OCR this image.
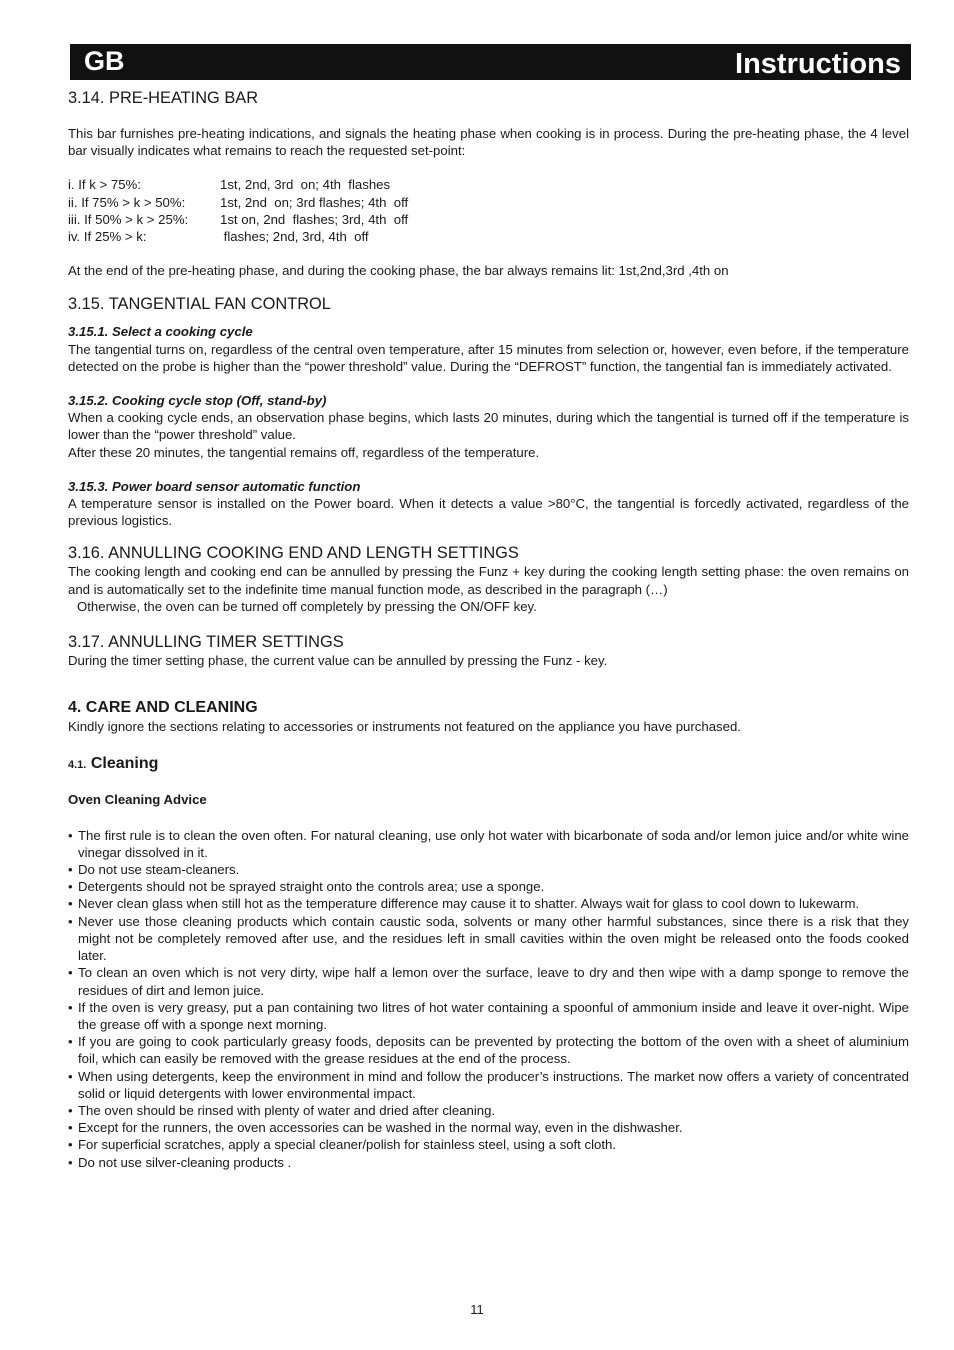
GB	Instructions
3.14. PRE-HEATING BAR

This bar furnishes pre-heating indications, and signals the heating phase when cooking is in process. During the pre-heating phase, the 4 level bar visually indicates what remains to reach the requested set-point:

i. If k > 75%:	1st, 2nd, 3rd  on; 4th  flashes
ii. If 75% > k > 50%:	1st, 2nd  on; 3rd flashes; 4th  off
iii. If 50% > k > 25%:	1st on, 2nd  flashes; 3rd, 4th  off
iv. If 25% > k:	flashes; 2nd, 3rd, 4th  off

At the end of the pre-heating phase, and during the cooking phase, the bar always remains lit: 1st,2nd,3rd ,4th on

3.15. TANGENTIAL FAN CONTROL
3.15.1. Select a cooking cycle

The tangential turns on, regardless of the central oven temperature, after 15 minutes from selection or, however, even before, if the temperature detected on the probe is higher than the “power threshold” value. During the “DEFROST” function, the tangential fan is immediately activated.

3.15.2. Cooking cycle stop (Off, stand-by)

When a cooking cycle ends, an observation phase begins, which lasts 20 minutes, during which the tangential is turned off if the temperature is lower than the “power threshold” value.

After these 20 minutes, the tangential remains off, regardless of the temperature.

3.15.3. Power board sensor automatic function

A temperature sensor is installed on the Power board. When it detects a value >80°C, the tangential is forcedly activated, regardless of the previous logistics.

3.16. ANNULLING COOKING END AND LENGTH SETTINGS

The cooking length and cooking end can be annulled by pressing the Funz + key during the cooking length setting phase: the oven remains on and is automatically set to the indefinite time manual function mode, as described in the paragraph (…)

Otherwise, the oven can be turned off completely by pressing the ON/OFF key.

3.17. ANNULLING TIMER SETTINGS

During the timer setting phase, the current value can be annulled by pressing the Funz - key.

4. CARE AND CLEANING

Kindly ignore the sections relating to accessories or instruments not featured on the appliance you have purchased.

4.1. Cleaning
Oven Cleaning Advice
• The first rule is to clean the oven often. For natural cleaning, use only hot water with bicarbonate of soda and/or lemon juice and/or white wine vinegar dissolved in it.
• Do not use steam-cleaners.
• Detergents should not be sprayed straight onto the controls area; use a sponge.
• Never clean glass when still hot as the temperature difference may cause it to shatter. Always wait for glass to cool down to lukewarm.
• Never use those cleaning products which contain caustic soda, solvents or many other harmful substances, since there is a risk that they might not be completely removed after use, and the residues left in small cavities within the oven might be released onto the foods cooked later.
• To clean an oven which is not very dirty, wipe half a lemon over the surface, leave to dry and then wipe with a damp sponge to remove the residues of dirt and lemon juice.
• If the oven is very greasy, put a pan containing two litres of hot water containing a spoonful of ammonium inside and leave it over-night. Wipe the grease off with a sponge next morning.
• If you are going to cook particularly greasy foods, deposits can be prevented by protecting the bottom of the oven with a sheet of aluminium foil, which can easily be removed with the grease residues at the end of the process.
• When using detergents, keep the environment in mind and follow the producer’s instructions. The market now offers a variety of concentrated solid or liquid detergents with lower environmental impact.
• The oven should be rinsed with plenty of water and dried after cleaning.
• Except for the runners, the oven accessories can be washed in the normal way, even in the dishwasher.
• For superficial scratches, apply a special cleaner/polish for stainless steel, using a soft cloth.
• Do not use silver-cleaning products .
11
